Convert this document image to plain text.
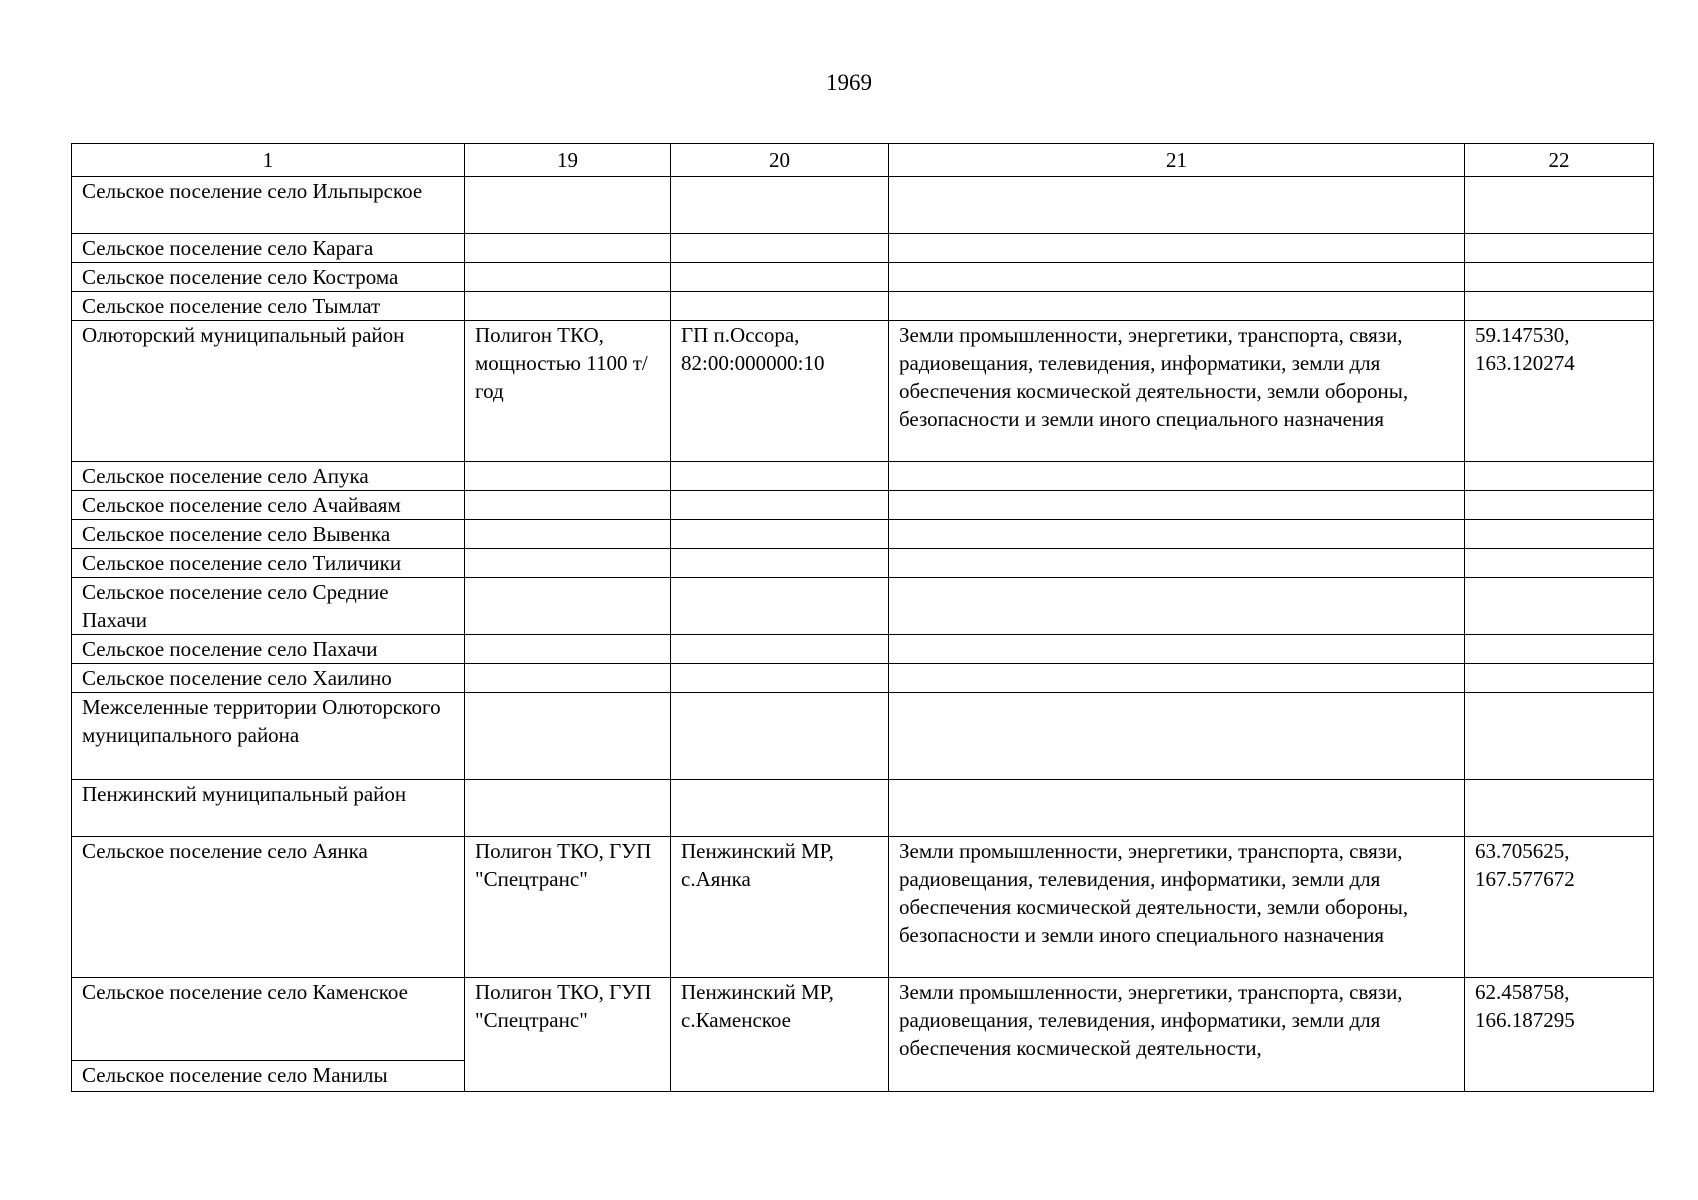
1969
1	19	20	21	22
Сельское поселение село Ильпырское				
Сельское поселение село Карага				
Сельское поселение село Кострома				
Сельское поселение село Тымлат				
Олюторский муниципальный район	Полигон ТКО, мощностью 1100 т/год	ГП п.Оссора, 82:00:000000:10	Земли промышленности, энергетики, транспорта, связи, радиовещания, телевидения, информатики, земли для обеспечения космической деятельности, земли обороны, безопасности и земли иного специального назначения	59.147530, 163.120274
Сельское поселение село Апука				
Сельское поселение село Ачайваям				
Сельское поселение село Вывенка				
Сельское поселение село Тиличики				
Сельское поселение село Средние Пахачи				
Сельское поселение село Пахачи				
Сельское поселение село Хаилино				
Межселенные территории Олюторского муниципального района				
Пенжинский муниципальный район				
Сельское поселение село Аянка	Полигон ТКО, ГУП "Спецтранс"	Пенжинский МР, с.Аянка	Земли промышленности, энергетики, транспорта, связи, радиовещания, телевидения, информатики, земли для обеспечения космической деятельности, земли обороны, безопасности и земли иного специального назначения	63.705625, 167.577672
Сельское поселение село Каменское	Полигон ТКО, ГУП "Спецтранс"	Пенжинский МР, с.Каменское	Земли промышленности, энергетики, транспорта, связи, радиовещания, телевидения, информатики, земли для обеспечения космической деятельности,	62.458758, 166.187295
Сельское поселение село Манилы				
